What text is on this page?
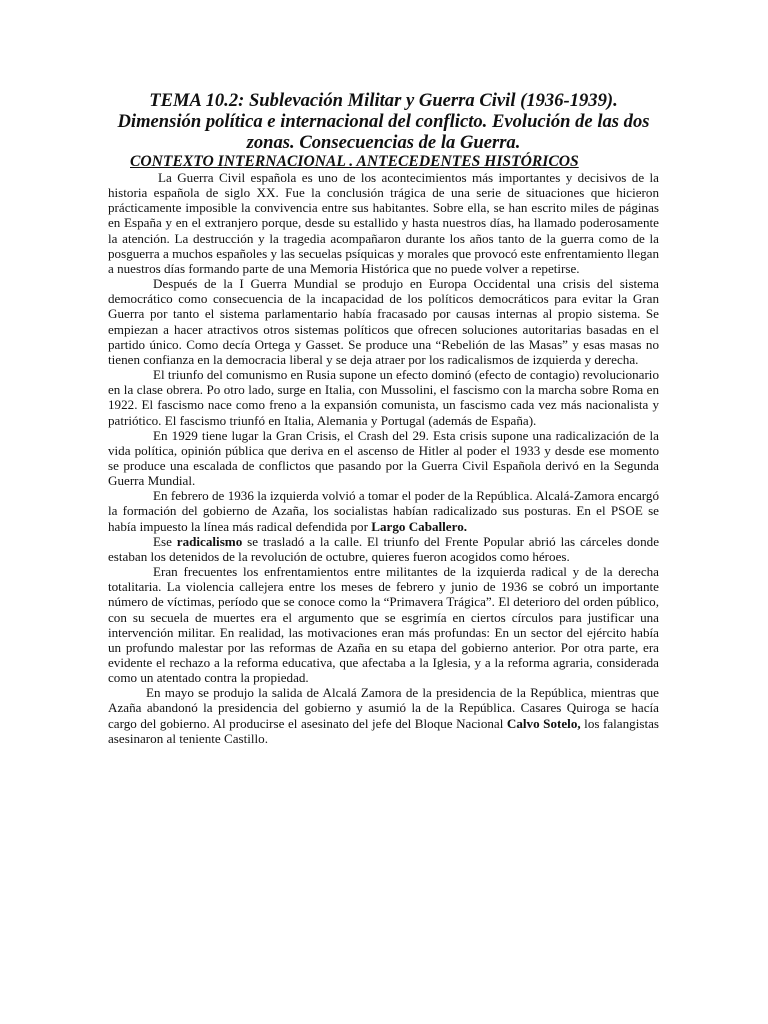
TEMA 10.2: Sublevación Militar y Guerra Civil (1936-1939). Dimensión política e internacional del conflicto. Evolución de las dos zonas. Consecuencias de la Guerra.
CONTEXTO INTERNACIONAL . ANTECEDENTES HISTÓRICOS

La Guerra Civil española es uno de los acontecimientos más importantes y decisivos de la historia española de siglo XX. Fue la conclusión trágica de una serie de situaciones que hicieron prácticamente imposible la convivencia entre sus habitantes. Sobre ella, se han escrito miles de páginas en España y en el extranjero porque, desde su estallido y hasta nuestros días, ha llamado poderosamente la atención. La destrucción y la tragedia acompañaron durante los años tanto de la guerra como de la posguerra a muchos españoles y las secuelas psíquicas y morales que provocó este enfrentamiento llegan a nuestros días formando parte de una Memoria Histórica que no puede volver a repetirse.

Después de la I Guerra Mundial se produjo en Europa Occidental una crisis del sistema democrático como consecuencia de la incapacidad de los políticos democráticos para evitar la Gran Guerra por tanto el sistema parlamentario había fracasado por causas internas al propio sistema. Se empiezan a hacer atractivos otros sistemas políticos que ofrecen soluciones autoritarias basadas en el partido único. Como decía Ortega y Gasset. Se produce una “Rebelión de las Masas” y esas masas no tienen confianza en la democracia liberal y se deja atraer por los radicalismos de izquierda y derecha.

El triunfo del comunismo en Rusia supone un efecto dominó (efecto de contagio) revolucionario en la clase obrera. Po otro lado, surge en Italia, con Mussolini, el fascismo con la marcha sobre Roma en 1922. El fascismo nace como freno a la expansión comunista, un fascismo cada vez más nacionalista y patriótico. El fascismo triunfó en Italia, Alemania y Portugal (además de España).

En 1929 tiene lugar la Gran Crisis, el Crash del 29. Esta crisis supone una radicalización de la vida política, opinión pública que deriva en el ascenso de Hitler al poder el 1933 y desde ese momento se produce una escalada de conflictos que pasando por la Guerra Civil Española derivó en la Segunda Guerra Mundial.

En febrero de 1936 la izquierda volvió a tomar el poder de la República. Alcalá-Zamora encargó la formación del gobierno de Azaña, los socialistas habían radicalizado sus posturas. En el PSOE se había impuesto la línea más radical defendida por Largo Caballero.

Ese radicalismo se trasladó a la calle. El triunfo del Frente Popular abrió las cárceles donde estaban los detenidos de la revolución de octubre, quieres fueron acogidos como héroes.

Eran frecuentes los enfrentamientos entre militantes de la izquierda radical y de la derecha totalitaria. La violencia callejera entre los meses de febrero y junio de 1936 se cobró un importante número de víctimas, período que se conoce como la “Primavera Trágica”. El deterioro del orden público, con su secuela de muertes era el argumento que se esgrimía en ciertos círculos para justificar una intervención militar. En realidad, las motivaciones eran más profundas: En un sector del ejército había un profundo malestar por las reformas de Azaña en su etapa del gobierno anterior. Por otra parte, era evidente el rechazo a la reforma educativa, que afectaba a la Iglesia, y a la reforma agraria, considerada como un atentado contra la propiedad.

En mayo se produjo la salida de Alcalá Zamora de la presidencia de la República, mientras que Azaña abandonó la presidencia del gobierno y asumió la de la República. Casares Quiroga se hacía cargo del gobierno. Al producirse el asesinato del jefe del Bloque Nacional Calvo Sotelo, los falangistas asesinaron al teniente Castillo.
